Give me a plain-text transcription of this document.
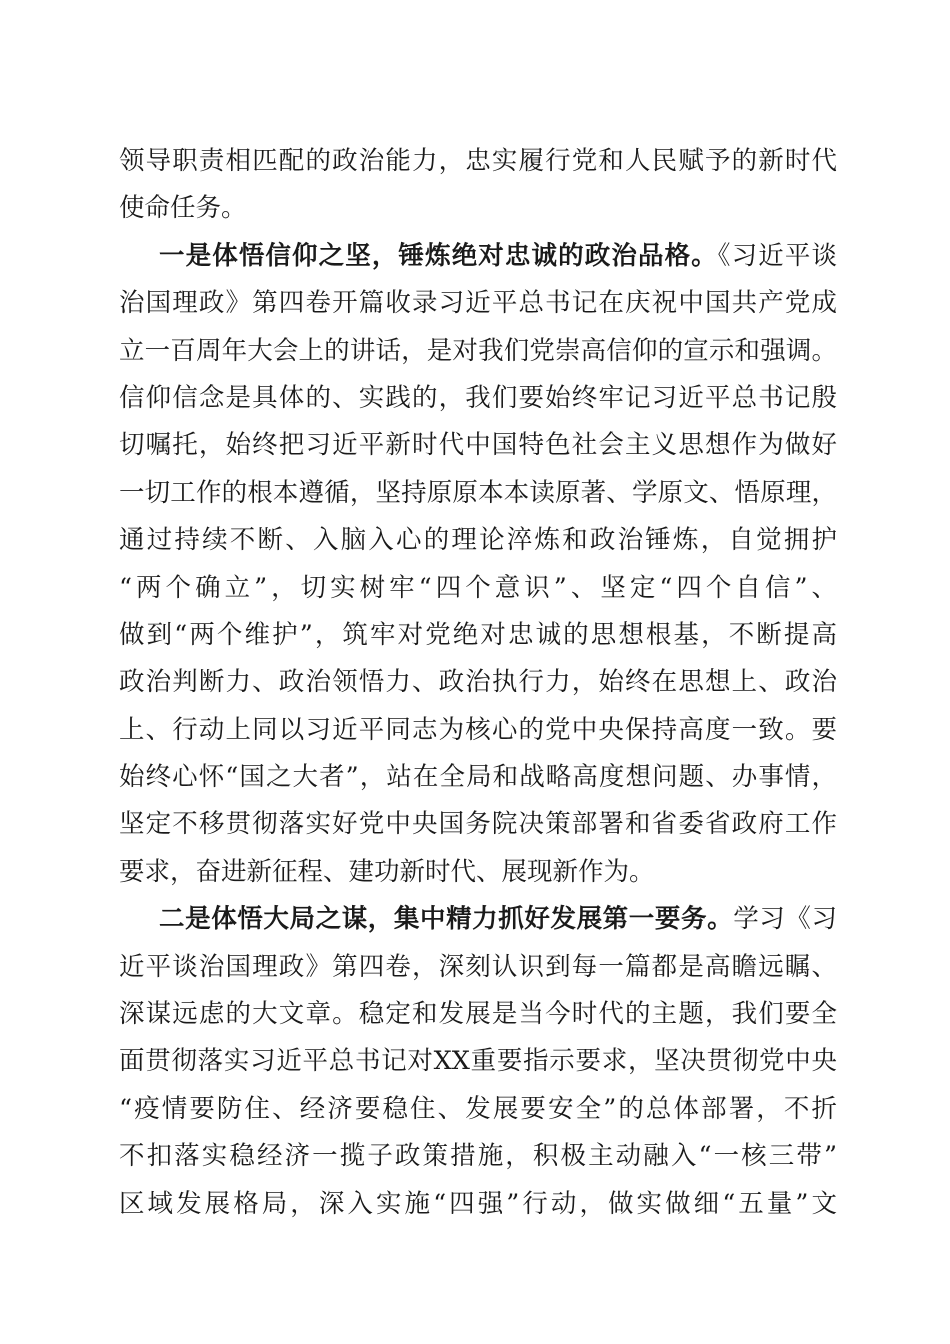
领导职责相匹配的政治能力，忠实履行党和人民赋予的新时代
使命任务。
一是体悟信仰之坚，锤炼绝对忠诚的政治品格。《习近平谈
治国理政》第四卷开篇收录习近平总书记在庆祝中国共产党成
立一百周年大会上的讲话，是对我们党崇高信仰的宣示和强调。
信仰信念是具体的、实践的，我们要始终牢记习近平总书记殷
切嘱托，始终把习近平新时代中国特色社会主义思想作为做好
一切工作的根本遵循，坚持原原本本读原著、学原文、悟原理，
通过持续不断、入脑入心的理论淬炼和政治锤炼，自觉拥护
“两个确立”，切实树牢“四个意识”、坚定“四个自信”、
做到“两个维护”，筑牢对党绝对忠诚的思想根基，不断提高
政治判断力、政治领悟力、政治执行力，始终在思想上、政治
上、行动上同以习近平同志为核心的党中央保持高度一致。要
始终心怀“国之大者”，站在全局和战略高度想问题、办事情，
坚定不移贯彻落实好党中央国务院决策部署和省委省政府工作
要求，奋进新征程、建功新时代、展现新作为。
二是体悟大局之谋，集中精力抓好发展第一要务。学习《习
近平谈治国理政》第四卷，深刻认识到每一篇都是高瞻远瞩、
深谋远虑的大文章。稳定和发展是当今时代的主题，我们要全
面贯彻落实习近平总书记对XX重要指示要求，坚决贯彻党中央
“疫情要防住、经济要稳住、发展要安全”的总体部署，不折
不扣落实稳经济一揽子政策措施，积极主动融入“一核三带”
区域发展格局，深入实施“四强”行动，做实做细“五量”文
